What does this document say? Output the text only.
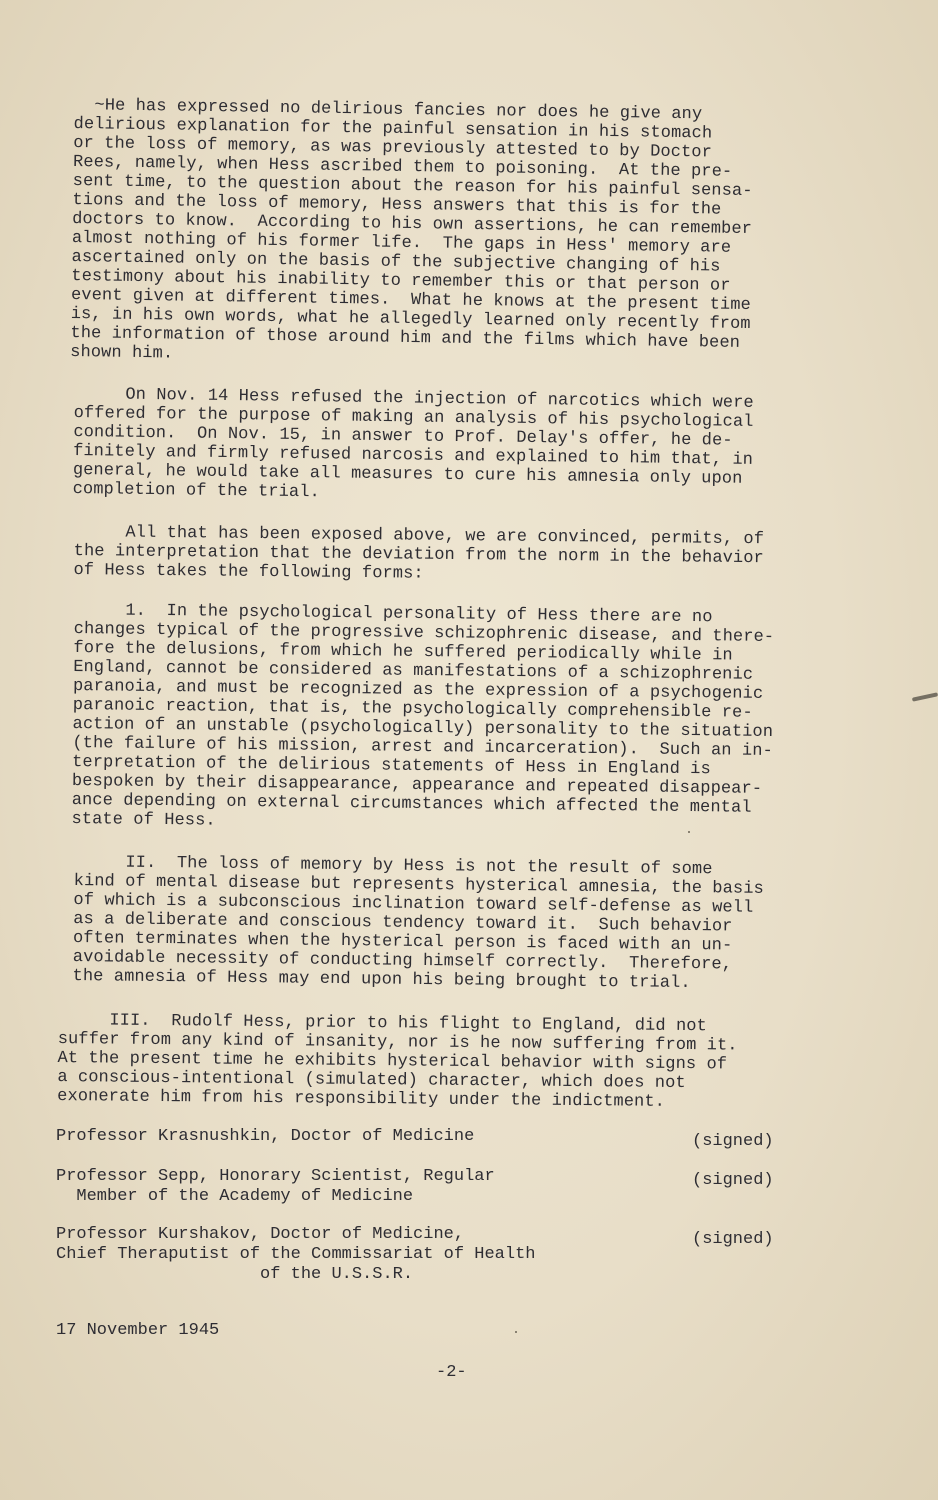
~He has expressed no delirious fancies nor does he give any
delirious explanation for the painful sensation in his stomach
or the loss of memory, as was previously attested to by Doctor
Rees, namely, when Hess ascribed them to poisoning.  At the pre-
sent time, to the question about the reason for his painful sensa-
tions and the loss of memory, Hess answers that this is for the
doctors to know.  According to his own assertions, he can remember
almost nothing of his former life.  The gaps in Hess' memory are
ascertained only on the basis of the subjective changing of his
testimony about his inability to remember this or that person or
event given at different times.  What he knows at the present time
is, in his own words, what he allegedly learned only recently from
the information of those around him and the films which have been
shown him.

On Nov. 14 Hess refused the injection of narcotics which were
offered for the purpose of making an analysis of his psychological
condition.  On Nov. 15, in answer to Prof. Delay's offer, he de-
finitely and firmly refused narcosis and explained to him that, in
general, he would take all measures to cure his amnesia only upon
completion of the trial.

All that has been exposed above, we are convinced, permits, of
the interpretation that the deviation from the norm in the behavior
of Hess takes the following forms:

1.  In the psychological personality of Hess there are no
changes typical of the progressive schizophrenic disease, and there-
fore the delusions, from which he suffered periodically while in
England, cannot be considered as manifestations of a schizophrenic
paranoia, and must be recognized as the expression of a psychogenic
paranoic reaction, that is, the psychologically comprehensible re-
action of an unstable (psychologically) personality to the situation
(the failure of his mission, arrest and incarceration).  Such an in-
terpretation of the delirious statements of Hess in England is
bespoken by their disappearance, appearance and repeated disappear-
ance depending on external circumstances which affected the mental
state of Hess.

II.  The loss of memory by Hess is not the result of some
kind of mental disease but represents hysterical amnesia, the basis
of which is a subconscious inclination toward self-defense as well
as a deliberate and conscious tendency toward it.  Such behavior
often terminates when the hysterical person is faced with an un-
avoidable necessity of conducting himself correctly.  Therefore,
the amnesia of Hess may end upon his being brought to trial.

III.  Rudolf Hess, prior to his flight to England, did not
suffer from any kind of insanity, nor is he now suffering from it.
At the present time he exhibits hysterical behavior with signs of
a conscious-intentional (simulated) character, which does not
exonerate him from his responsibility under the indictment.

Professor Krasnushkin, Doctor of Medicine	(signed)

Professor Sepp, Honorary Scientist, Regular
Member of the Academy of Medicine

(signed)

Professor Kurshakov, Doctor of Medicine,
Chief Theraputist of the Commissariat of Health
of the U.S.S.R.

(signed)
17 November 1945
-2-
